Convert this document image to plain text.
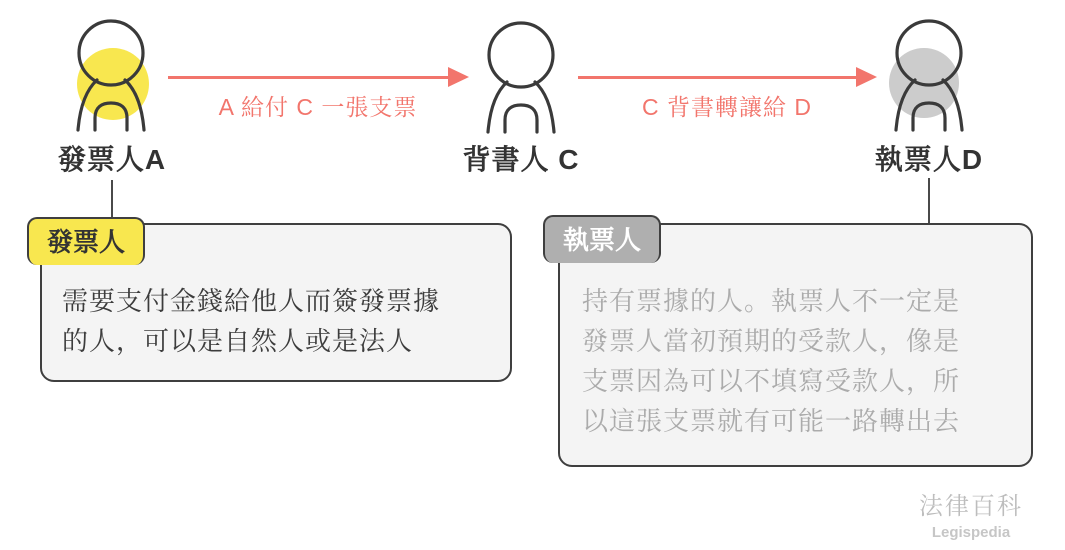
發票人A	背書人 C	執票人D
A 給付 C 一張支票	C 背書轉讓給 D
發票人
需要支付金錢給他人而簽發票據
的人，可以是自然人或是法人
執票人
持有票據的人。執票人不一定是
發票人當初預期的受款人，像是
支票因為可以不填寫受款人，所
以這張支票就有可能一路轉出去
法律百科
Legispedia
